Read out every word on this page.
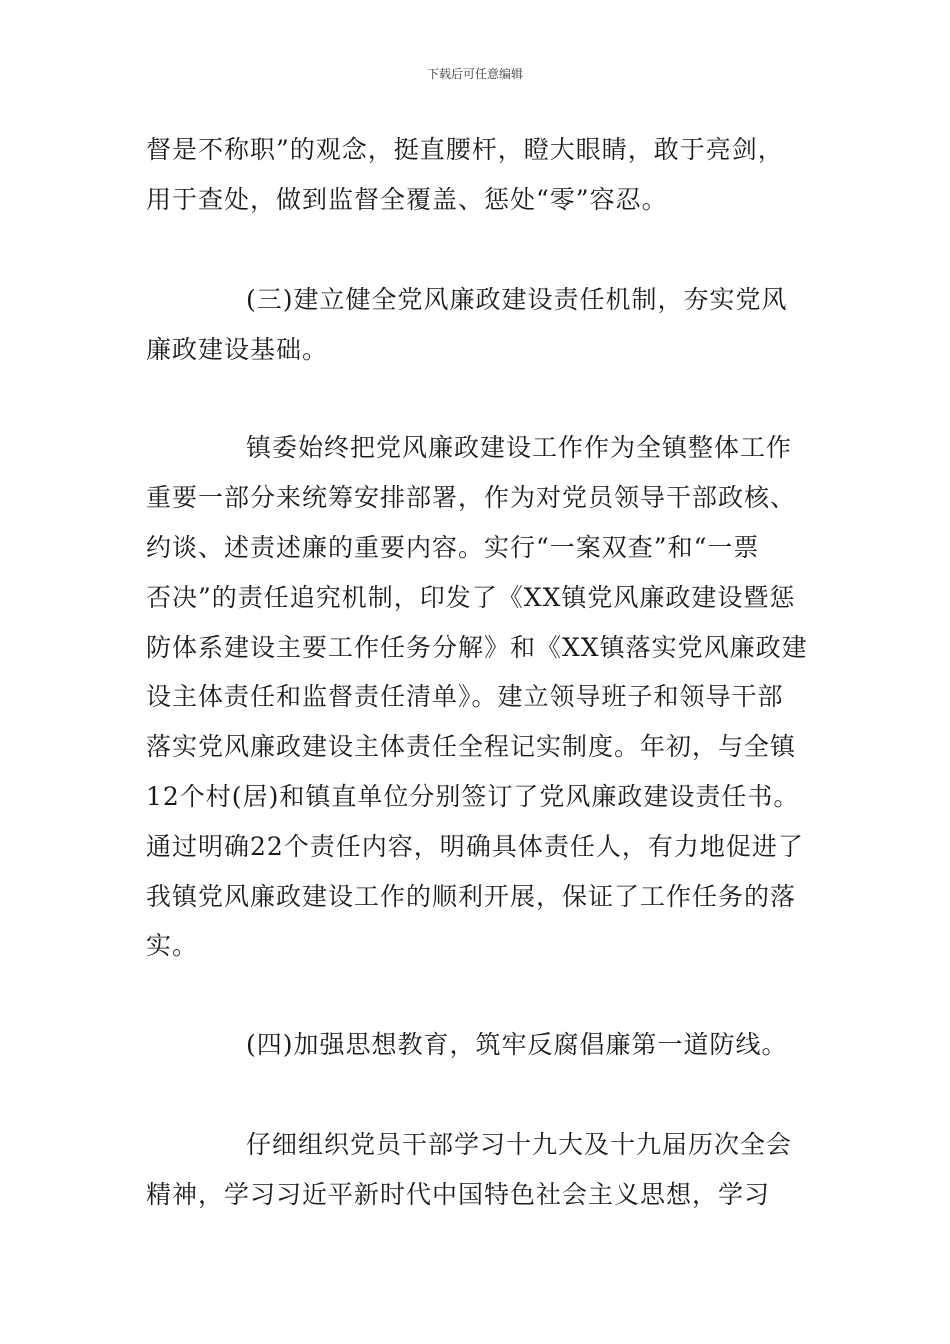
下载后可任意编辑
督是不称职”的观念，挺直腰杆，瞪大眼睛，敢于亮剑，
用于查处，做到监督全覆盖、惩处“零”容忍。
(三)建立健全党风廉政建设责任机制，夯实党风
廉政建设基础。
镇委始终把党风廉政建设工作作为全镇整体工作
重要一部分来统筹安排部署，作为对党员领导干部政核、
约谈、述责述廉的重要内容。实行“一案双查”和“一票
否决”的责任追究机制，印发了《XX镇党风廉政建设暨惩
防体系建设主要工作任务分解》和《XX镇落实党风廉政建
设主体责任和监督责任清单》。建立领导班子和领导干部
落实党风廉政建设主体责任全程记实制度。年初，与全镇
12个村(居)和镇直单位分别签订了党风廉政建设责任书。
通过明确22个责任内容，明确具体责任人，有力地促进了
我镇党风廉政建设工作的顺利开展，保证了工作任务的落
实。
(四)加强思想教育，筑牢反腐倡廉第一道防线。
仔细组织党员干部学习十九大及十九届历次全会
精神，学习习近平新时代中国特色社会主义思想，学习
